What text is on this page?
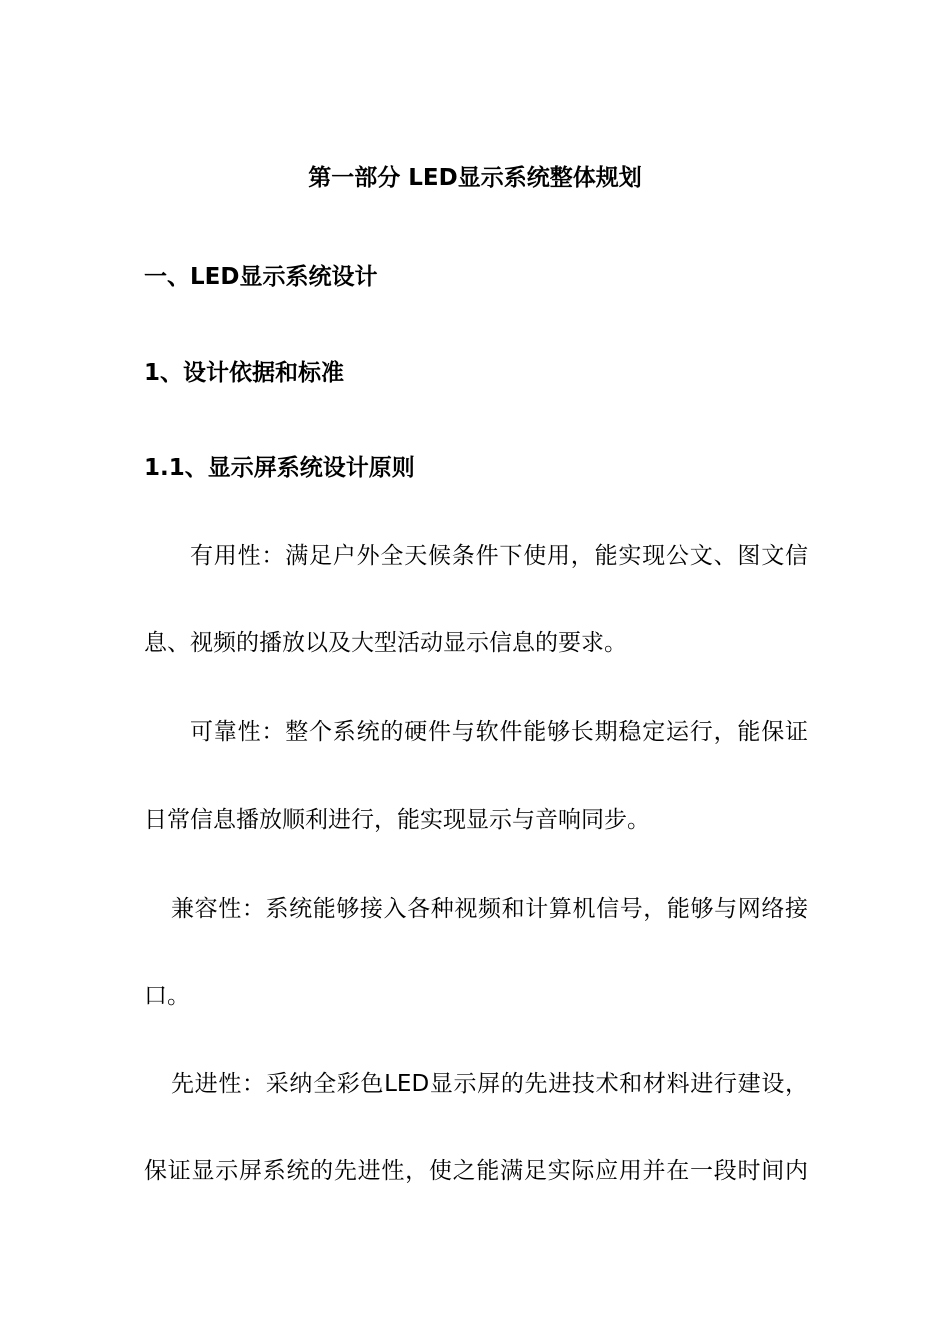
第一部分 LED显示系统整体规划
一、LED显示系统设计
1、设计依据和标准
1.1、显示屏系统设计原则
有用性：满足户外全天候条件下使用，能实现公文、图文信
息、视频的播放以及大型活动显示信息的要求。
可靠性：整个系统的硬件与软件能够长期稳定运行，能保证
日常信息播放顺利进行，能实现显示与音响同步。
兼容性：系统能够接入各种视频和计算机信号，能够与网络接
口。
先进性：采纳全彩色LED显示屏的先进技术和材料进行建设，
保证显示屏系统的先进性，使之能满足实际应用并在一段时间内
